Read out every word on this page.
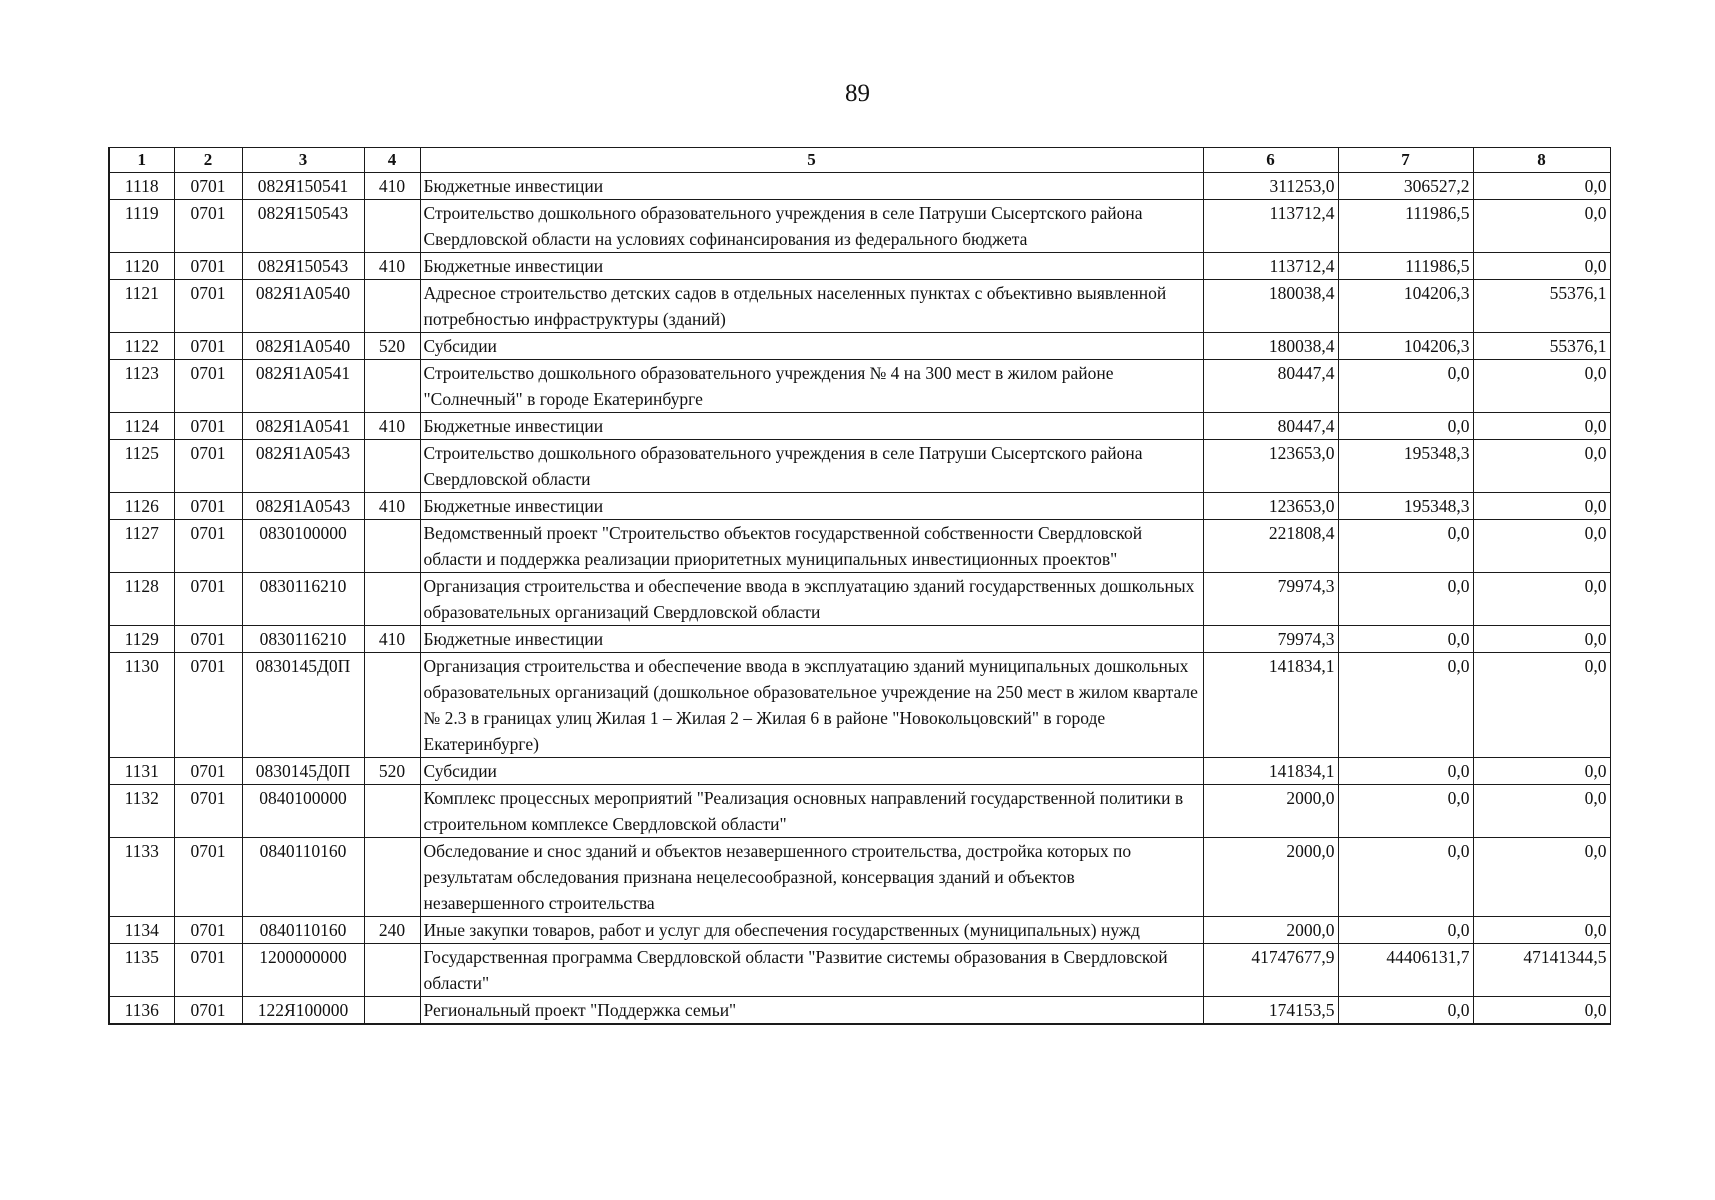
89
1	2	3	4	5	6	7	8
1118	0701	082Я150541	410	Бюджетные инвестиции	311253,0	306527,2	0,0
1119	0701	082Я150543		Строительство дошкольного образовательного учреждения в селе Патруши Сысертского района Свердловской области на условиях софинансирования из федерального бюджета	113712,4	111986,5	0,0
1120	0701	082Я150543	410	Бюджетные инвестиции	113712,4	111986,5	0,0
1121	0701	082Я1А0540		Адресное строительство детских садов в отдельных населенных пунктах с объективно выявленной потребностью инфраструктуры (зданий)	180038,4	104206,3	55376,1
1122	0701	082Я1А0540	520	Субсидии	180038,4	104206,3	55376,1
1123	0701	082Я1А0541		Строительство дошкольного образовательного учреждения № 4 на 300 мест в жилом районе "Солнечный" в городе Екатеринбурге	80447,4	0,0	0,0
1124	0701	082Я1А0541	410	Бюджетные инвестиции	80447,4	0,0	0,0
1125	0701	082Я1А0543		Строительство дошкольного образовательного учреждения в селе Патруши Сысертского района Свердловской области	123653,0	195348,3	0,0
1126	0701	082Я1А0543	410	Бюджетные инвестиции	123653,0	195348,3	0,0
1127	0701	0830100000		Ведомственный проект "Строительство объектов государственной собственности Свердловской области и поддержка реализации приоритетных муниципальных инвестиционных проектов"	221808,4	0,0	0,0
1128	0701	0830116210		Организация строительства и обеспечение ввода в эксплуатацию зданий государственных дошкольных образовательных организаций Свердловской области	79974,3	0,0	0,0
1129	0701	0830116210	410	Бюджетные инвестиции	79974,3	0,0	0,0
1130	0701	0830145Д0П		Организация строительства и обеспечение ввода в эксплуатацию зданий муниципальных дошкольных образовательных организаций (дошкольное образовательное учреждение на 250 мест в жилом квартале № 2.3 в границах улиц Жилая 1 – Жилая 2 – Жилая 6 в районе "Новокольцовский" в городе Екатеринбурге)	141834,1	0,0	0,0
1131	0701	0830145Д0П	520	Субсидии	141834,1	0,0	0,0
1132	0701	0840100000		Комплекс процессных мероприятий "Реализация основных направлений государственной политики в строительном комплексе Свердловской области"	2000,0	0,0	0,0
1133	0701	0840110160		Обследование и снос зданий и объектов незавершенного строительства, достройка которых по результатам обследования признана нецелесообразной, консервация зданий и объектов незавершенного строительства	2000,0	0,0	0,0
1134	0701	0840110160	240	Иные закупки товаров, работ и услуг для обеспечения государственных (муниципальных) нужд	2000,0	0,0	0,0
1135	0701	1200000000		Государственная программа Свердловской области "Развитие системы образования в Свердловской области"	41747677,9	44406131,7	47141344,5
1136	0701	122Я100000		Региональный проект "Поддержка семьи"	174153,5	0,0	0,0
